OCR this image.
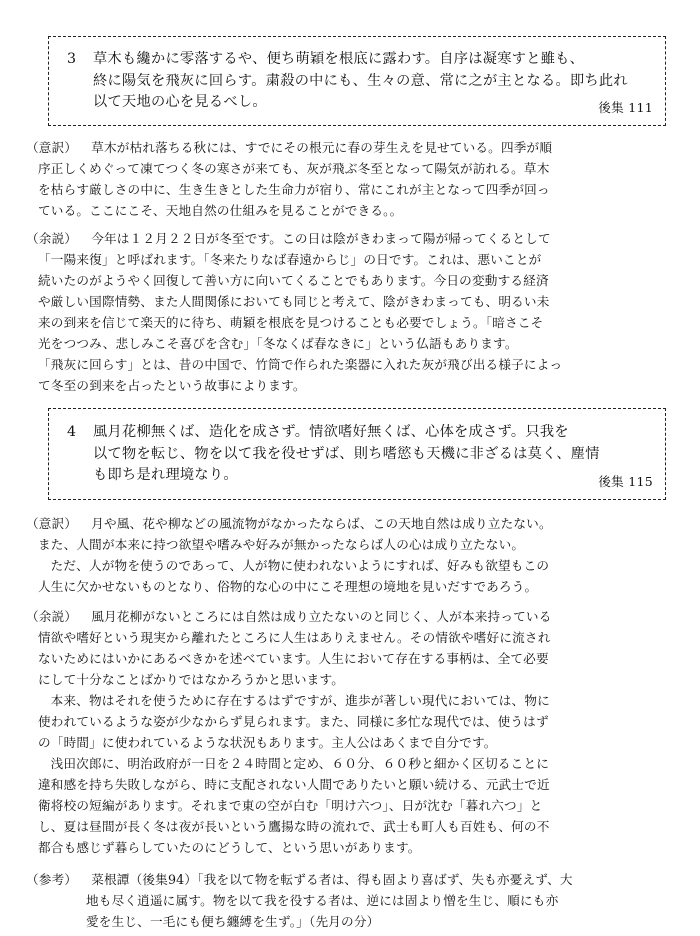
3 草木も纔かに零落するや、便ち萌穎を根底に露わす。自序は凝寒すと雖も、

終に陽気を飛灰に回らす。粛殺の中にも、生々の意、常に之が主となる。即ち此れ

以て天地の心を見るべし。	後集 111

（意訳） 草木が枯れ落ちる秋には、すでにその根元に春の芽生えを見せている。四季が順

序正しくめぐって凍てつく冬の寒さが来ても、灰が飛ぶ冬至となって陽気が訪れる。草木

を枯らす厳しさの中に、生き生きとした生命力が宿り、常にこれが主となって四季が回っ

ている。ここにこそ、天地自然の仕組みを見ることができる。。

（余説） 今年は１２月２２日が冬至です。この日は陰がきわまって陽が帰ってくるとして

「一陽来復」と呼ばれます。「冬来たりなば春遠からじ」の日です。これは、悪いことが

続いたのがようやく回復して善い方に向いてくることでもあります。今日の変動する経済

や厳しい国際情勢、また人間関係においても同じと考えて、陰がきわまっても、明るい未

来の到来を信じて楽天的に待ち、萌穎を根底を見つけることも必要でしょう。「暗さこそ

光をつつみ、悲しみこそ喜びを含む」「冬なくば春なきに」という仏語もあります。

「飛灰に回らす」とは、昔の中国で、竹筒で作られた楽器に入れた灰が飛び出る様子によっ

て冬至の到来を占ったという故事によります。

4 風月花柳無くば、造化を成さず。情欲嗜好無くば、心体を成さず。只我を

以て物を転じ、物を以て我を役せずば、則ち嗜慾も天機に非ざるは莫く、塵情

も即ち是れ理境なり。	後集 115

（意訳） 月や風、花や柳などの風流物がなかったならば、この天地自然は成り立たない。

また、人間が本来に持つ欲望や嗜みや好みが無かったならば人の心は成り立たない。

ただ、人が物を使うのであって、人が物に使われないようにすれば、好みも欲望もこの

人生に欠かせないものとなり、俗物的な心の中にこそ理想の境地を見いだすであろう。

（余説） 風月花柳がないところには自然は成り立たないのと同じく、人が本来持っている

情欲や嗜好という現実から離れたところに人生はありえません。その情欲や嗜好に流され

ないためにはいかにあるべきかを述べています。人生において存在する事柄は、全て必要

にして十分なことばかりではなかろうかと思います。

本来、物はそれを使うために存在するはずですが、進歩が著しい現代においては、物に

使われているような姿が少なからず見られます。また、同様に多忙な現代では、使うはず

の「時間」に使われているような状況もあります。主人公はあくまで自分です。

浅田次郎に、明治政府が一日を２４時間と定め、６０分、６０秒と細かく区切ることに

違和感を持ち失敗しながら、時に支配されない人間でありたいと願い続ける、元武士で近

衛将校の短編があります。それまで東の空が白む「明け六つ」、日が沈む「暮れ六つ」と

し、夏は昼間が長く冬は夜が長いという鷹揚な時の流れで、武士も町人も百姓も、何の不

都合も感じず暮らしていたのにどうして、という思いがあります。

（参考） 菜根譚（後集94）「我を以て物を転ずる者は、得も固より喜ばず、失も亦憂えず、大

地も尽く逍遥に属す。物を以て我を役する者は、逆には固より憎を生じ、順にも亦

愛を生じ、一毛にも便ち纏縛を生ず。」（先月の分）
